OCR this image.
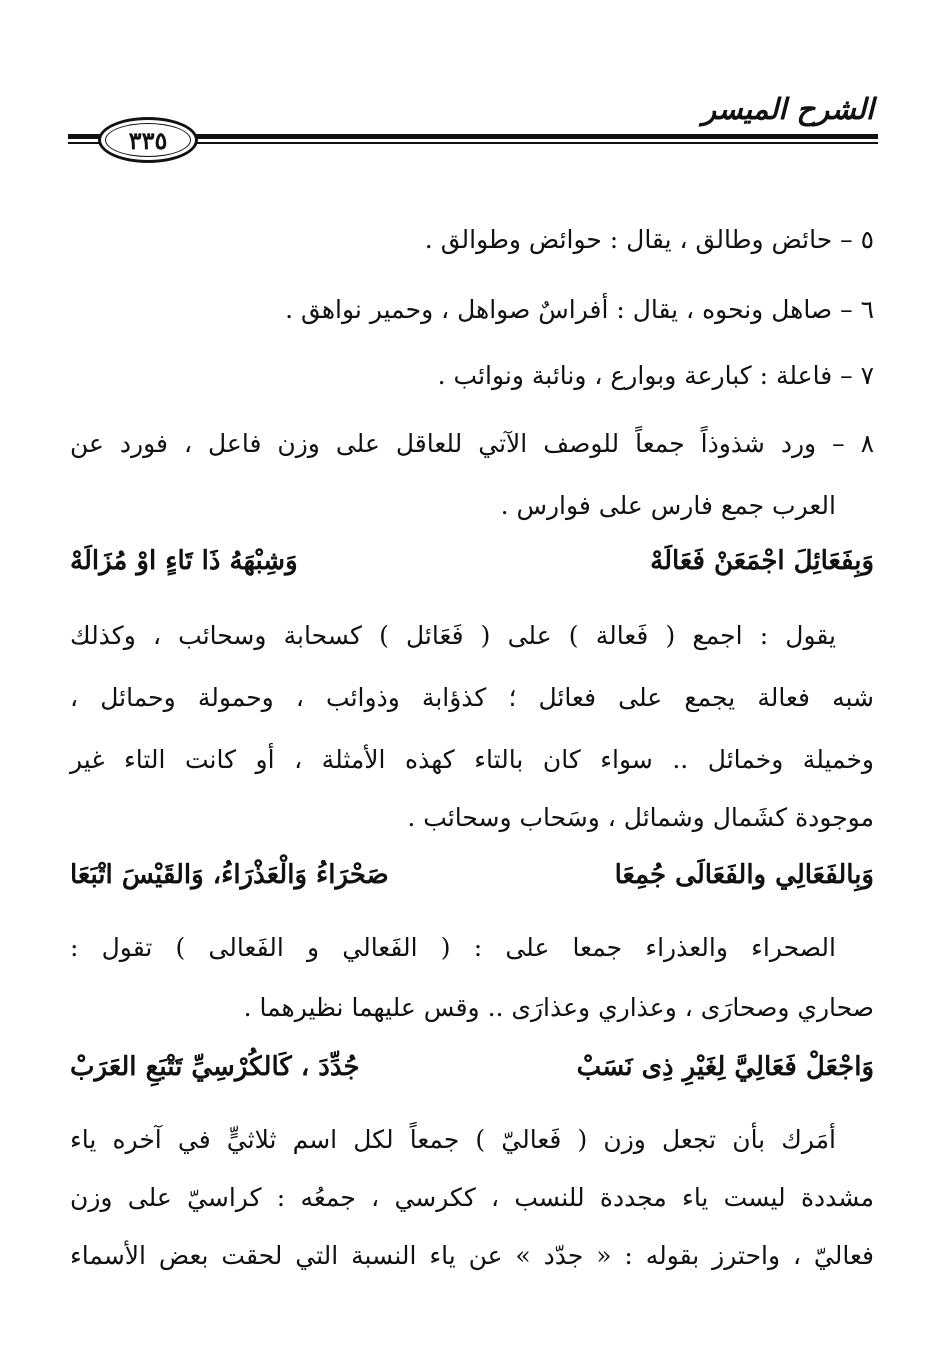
الشرح الميسر
٣٣٥
٥ – حائض وطالق ، يقال : حوائض وطوالق .
٦ – صاهل ونحوه ، يقال : أفراسٌ صواهل ، وحمير نواهق .
٧ – فاعلة : كبارعة وبوارع ، ونائبة ونوائب .
٨ – ورد شذوذاً جمعاً للوصف الآتي للعاقل على وزن فاعل ، فورد عن
العرب جمع فارس على فوارس .
وَبِفَعَائِلَ اجْمَعَنْ فَعَالَهْ
وَشِبْهَهُ ذَا تَاءٍ اوْ مُزَالَهْ
يقول : اجمع ( فَعالة ) على ( فَعَائل ) كسحابة وسحائب ، وكذلك
شبه فعالة يجمع على فعائل ؛ كذؤابة وذوائب ، وحمولة وحمائل ،
وخميلة وخمائل .. سواء كان بالتاء كهذه الأمثلة ، أو كانت التاء غير
موجودة كشَمال وشمائل ، وسَحاب وسحائب .
وَبِالفَعَالِي والفَعَالَى جُمِعَا
صَحْرَاءُ وَالْعَذْرَاءُ، وَالقَيْسَ اتْبَعَا
الصحراء والعذراء جمعا على : ( الفَعالي و الفَعالى ) تقول :
صحاري وصحارَى ، وعذاري وعذارَى .. وقس عليهما نظيرهما .
وَاجْعَلْ فَعَالِيَّ لِغَيْرِ ذِى نَسَبْ
جُدِّدَ ، كَالكُرْسِيِّ تَتْبَعِ العَرَبْ
أمَرك بأن تجعل وزن ( فَعاليّ ) جمعاً لكل اسم ثلاثيٍّ في آخره ياء
مشددة ليست ياء مجددة للنسب ، ككرسي ، جمعُه : كراسيّ على وزن
فعاليّ ، واحترز بقوله : « جدّد » عن ياء النسبة التي لحقت بعض الأسماء
